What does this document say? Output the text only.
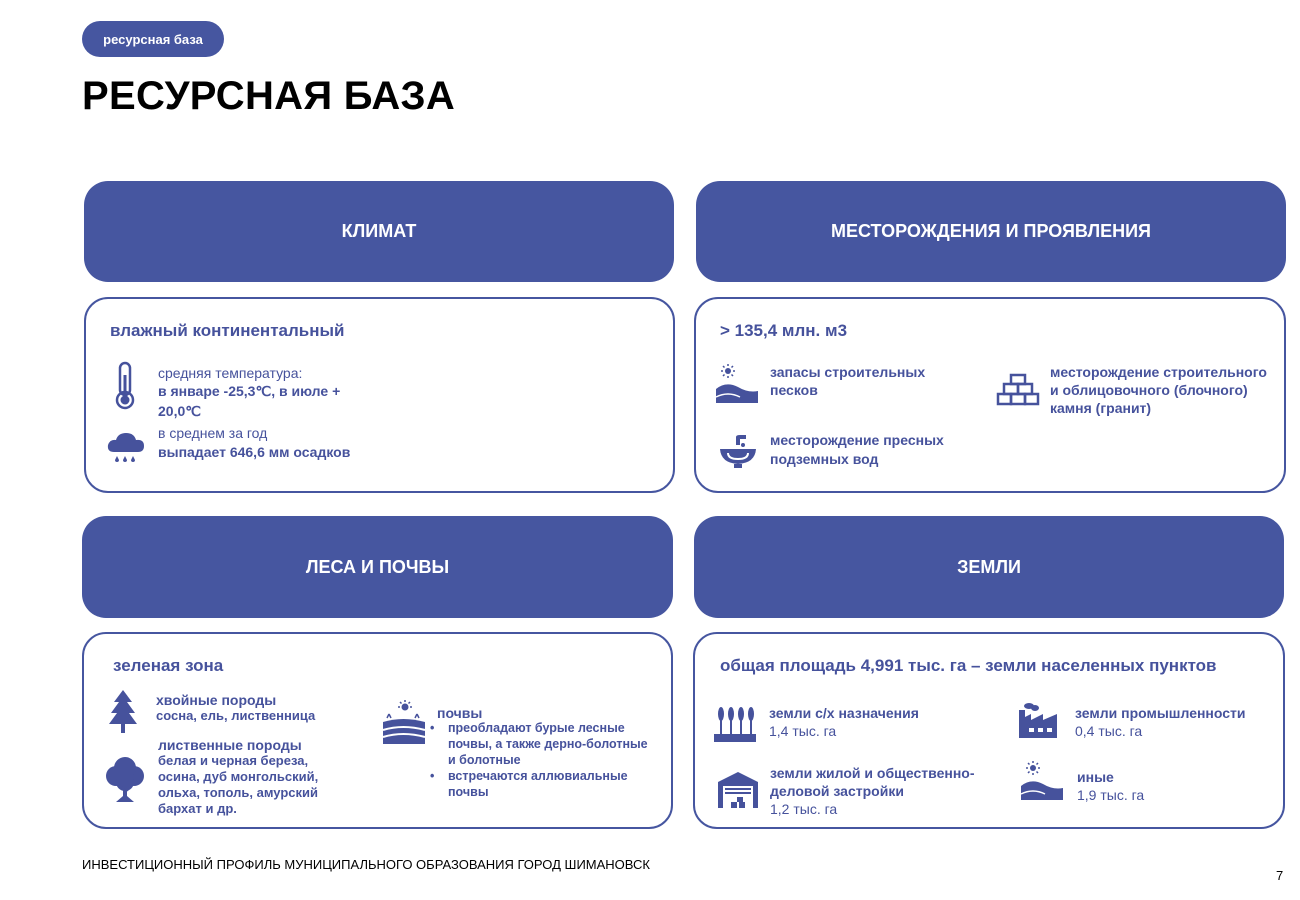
ресурсная база
РЕСУРСНАЯ БАЗА
КЛИМАТ
влажный континентальный
средняя температура:
в январе -25,3℃, в июле +
20,0℃
в среднем за год
выпадает 646,6 мм осадков
МЕСТОРОЖДЕНИЯ И ПРОЯВЛЕНИЯ
> 135,4 млн. м3
запасы строительных
песков
месторождение строительного
и облицовочного (блочного)
камня (гранит)
месторождение пресных
подземных вод
ЛЕСА И ПОЧВЫ
зеленая зона
хвойные породы
сосна, ель, лиственница
лиственные породы
белая и черная береза,
осина, дуб монгольский,
ольха, тополь, амурский
бархат и др.
почвы
• преобладают бурые лесные
почвы, а также дерно-болотные
и болотные
• встречаются аллювиальные
почвы
ЗЕМЛИ
общая площадь 4,991 тыс. га – земли населенных пунктов
земли с/х назначения
1,4 тыс. га
земли промышленности
0,4 тыс. га
земли жилой и общественно-
деловой застройки
1,2 тыс. га
иные
1,9 тыс. га
ИНВЕСТИЦИОННЫЙ ПРОФИЛЬ МУНИЦИПАЛЬНОГО ОБРАЗОВАНИЯ ГОРОД ШИМАНОВСК
7
